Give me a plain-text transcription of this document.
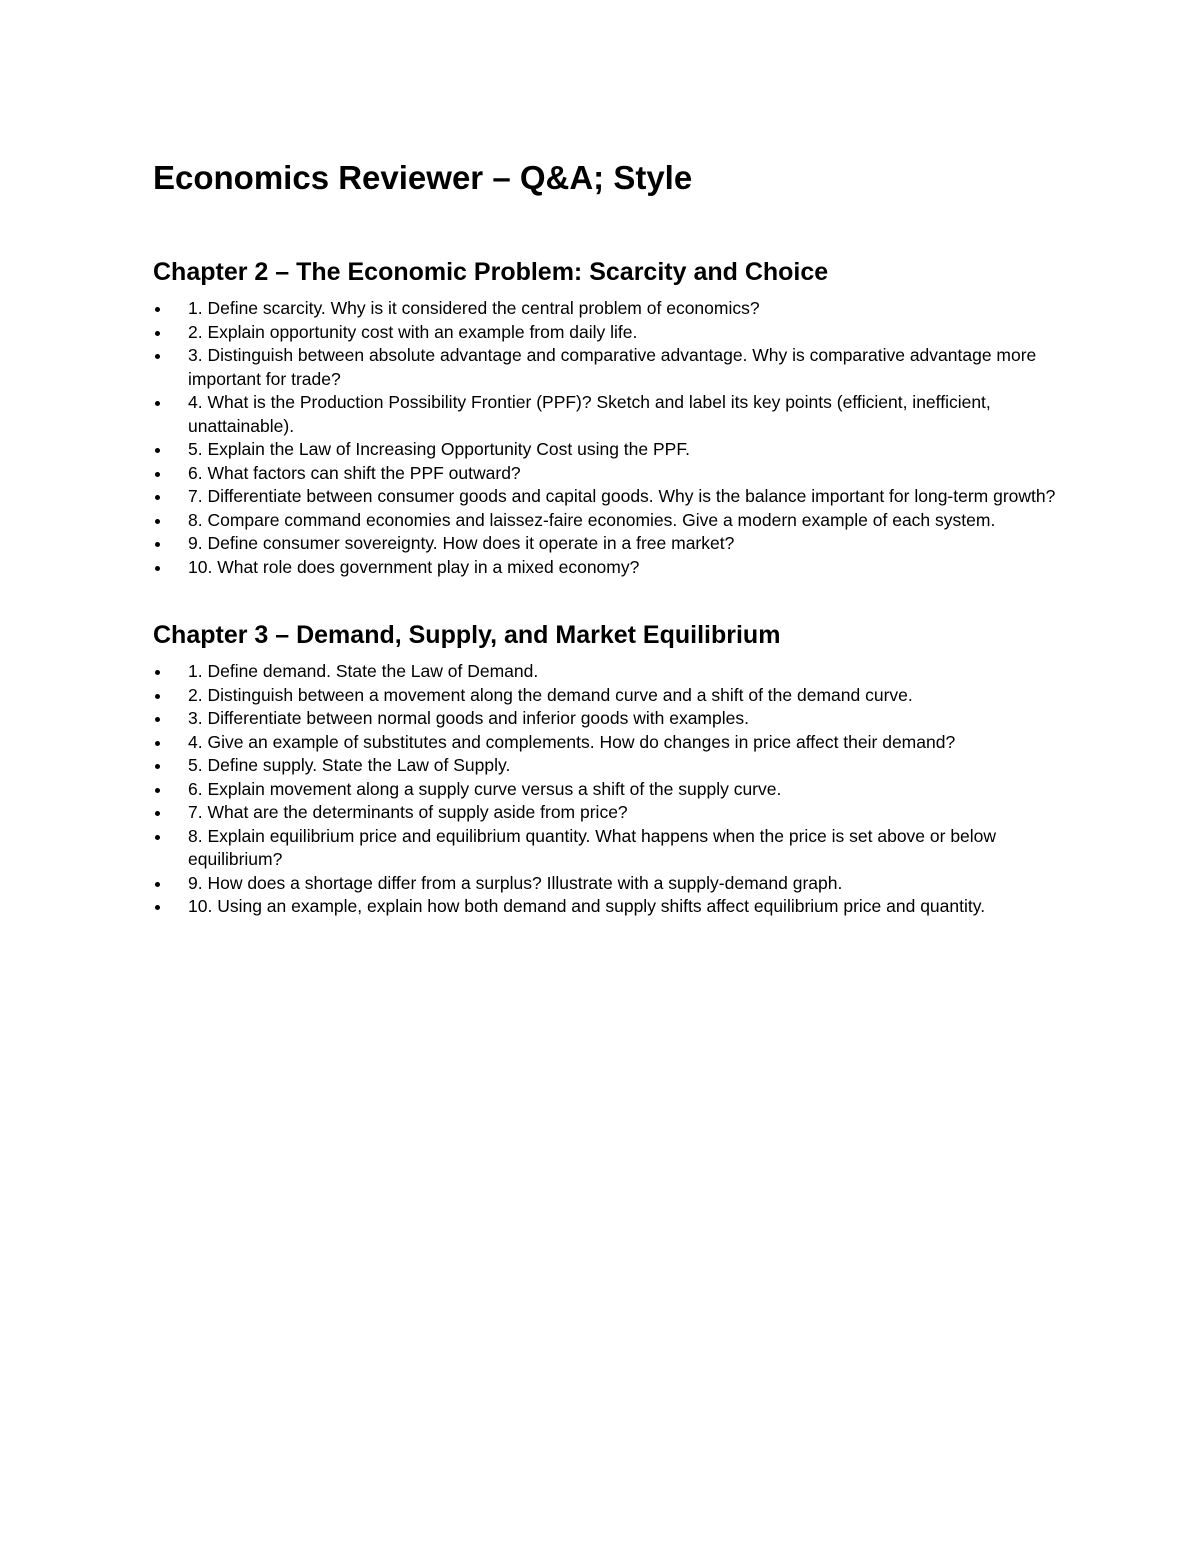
Economics Reviewer – Q&A; Style
Chapter 2 – The Economic Problem: Scarcity and Choice
1. Define scarcity. Why is it considered the central problem of economics?
2. Explain opportunity cost with an example from daily life.
3. Distinguish between absolute advantage and comparative advantage. Why is comparative advantage more important for trade?
4. What is the Production Possibility Frontier (PPF)? Sketch and label its key points (efficient, inefficient, unattainable).
5. Explain the Law of Increasing Opportunity Cost using the PPF.
6. What factors can shift the PPF outward?
7. Differentiate between consumer goods and capital goods. Why is the balance important for long-term growth?
8. Compare command economies and laissez-faire economies. Give a modern example of each system.
9. Define consumer sovereignty. How does it operate in a free market?
10. What role does government play in a mixed economy?
Chapter 3 – Demand, Supply, and Market Equilibrium
1. Define demand. State the Law of Demand.
2. Distinguish between a movement along the demand curve and a shift of the demand curve.
3. Differentiate between normal goods and inferior goods with examples.
4. Give an example of substitutes and complements. How do changes in price affect their demand?
5. Define supply. State the Law of Supply.
6. Explain movement along a supply curve versus a shift of the supply curve.
7. What are the determinants of supply aside from price?
8. Explain equilibrium price and equilibrium quantity. What happens when the price is set above or below equilibrium?
9. How does a shortage differ from a surplus? Illustrate with a supply-demand graph.
10. Using an example, explain how both demand and supply shifts affect equilibrium price and quantity.
